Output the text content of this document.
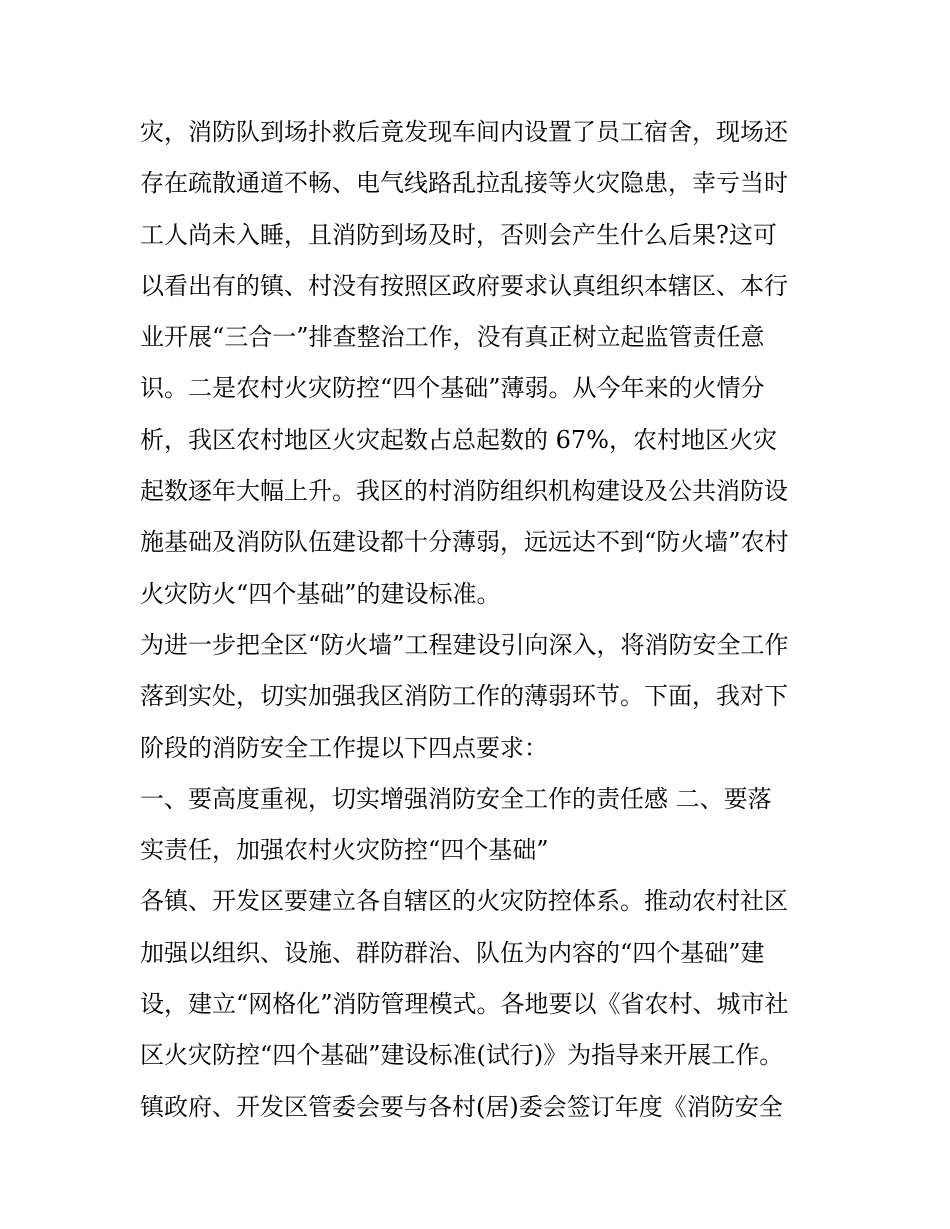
灾，消防队到场扑救后竟发现车间内设置了员工宿舍，现场还
存在疏散通道不畅、电气线路乱拉乱接等火灾隐患，幸亏当时
工人尚未入睡，且消防到场及时，否则会产生什么后果?这可
以看出有的镇、村没有按照区政府要求认真组织本辖区、本行
业开展“三合一”排查整治工作，没有真正树立起监管责任意
识。二是农村火灾防控“四个基础”薄弱。从今年来的火情分
析，我区农村地区火灾起数占总起数的 67%，农村地区火灾
起数逐年大幅上升。我区的村消防组织机构建设及公共消防设
施基础及消防队伍建设都十分薄弱，远远达不到“防火墙”农村
火灾防火“四个基础”的建设标准。
为进一步把全区“防火墙”工程建设引向深入，将消防安全工作
落到实处，切实加强我区消防工作的薄弱环节。下面，我对下
阶段的消防安全工作提以下四点要求：
一、要高度重视，切实增强消防安全工作的责任感 二、要落
实责任，加强农村火灾防控“四个基础”
各镇、开发区要建立各自辖区的火灾防控体系。推动农村社区
加强以组织、设施、群防群治、队伍为内容的“四个基础”建
设，建立“网格化”消防管理模式。各地要以《省农村、城市社
区火灾防控“四个基础”建设标准(试行)》为指导来开展工作。
镇政府、开发区管委会要与各村(居)委会签订年度《消防安全
